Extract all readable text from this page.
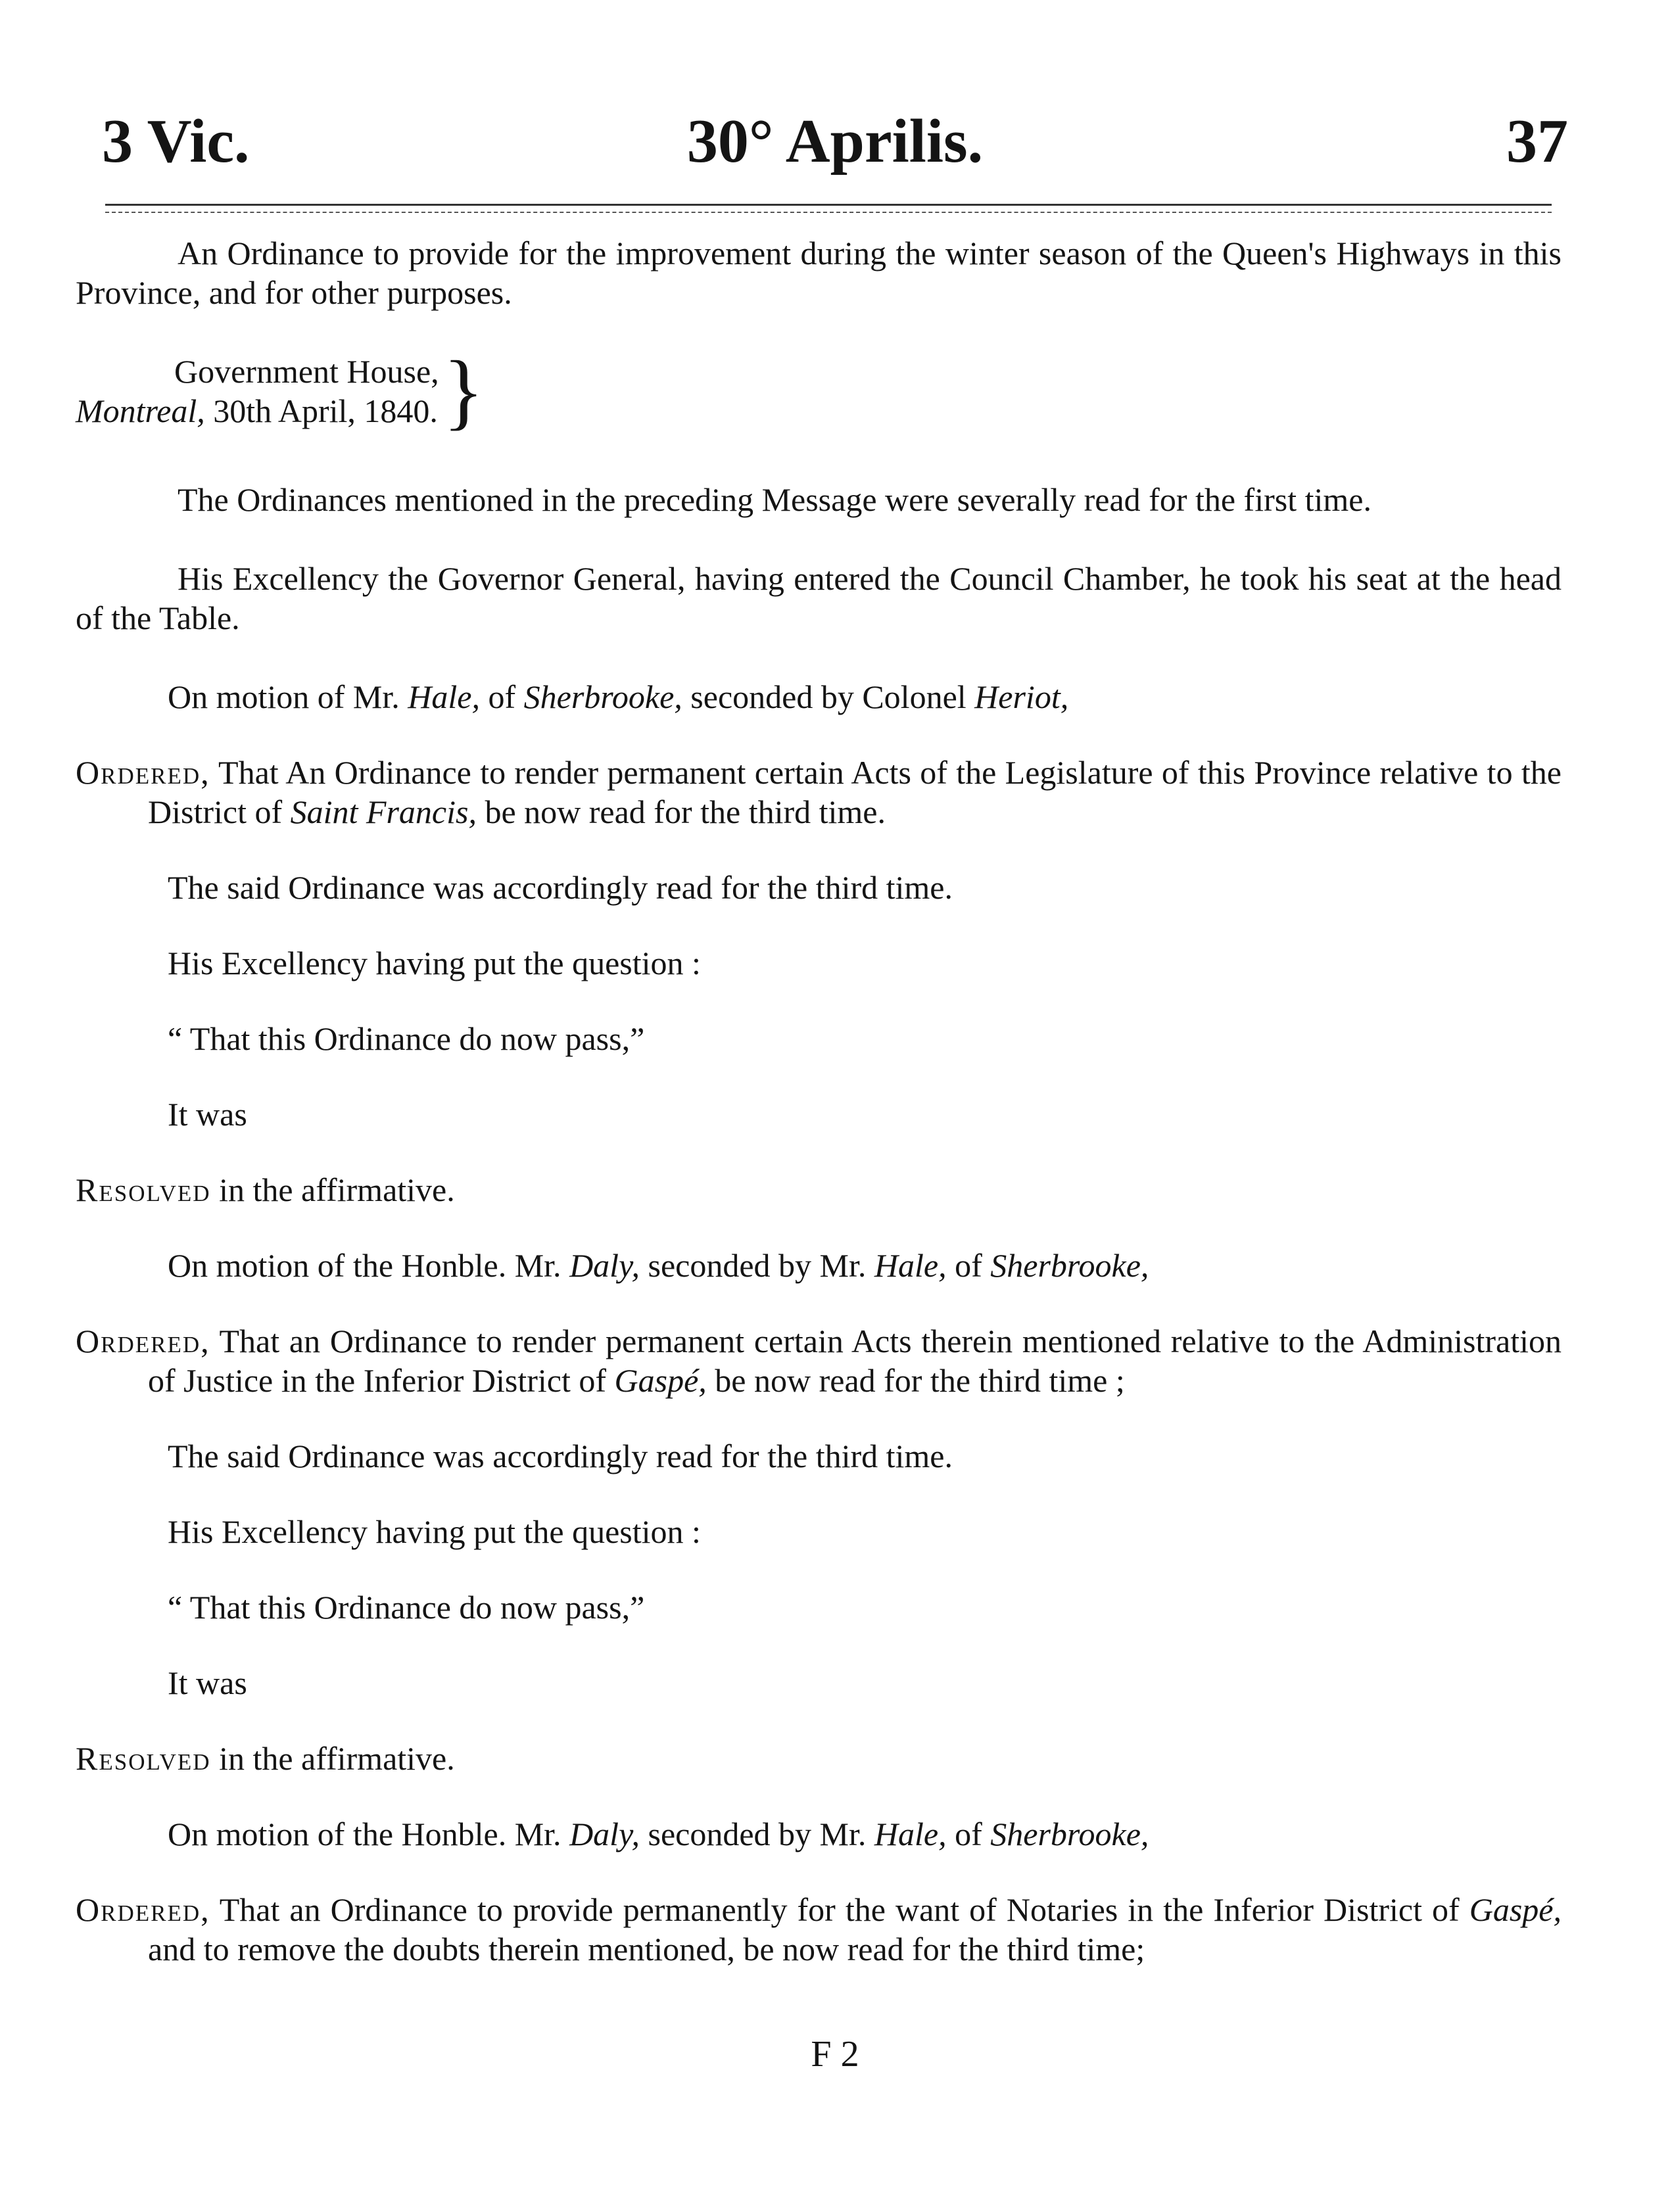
30° Aprilis.
3 Vic.	37

An Ordinance to provide for the improvement during the winter season of the Queen's Highways in this Province, and for other purposes.

Government House,
Montreal, 30th April, 1840. }

The Ordinances mentioned in the preceding Message were severally read for the first time.

His Excellency the Governor General, having entered the Council Chamber, he took his seat at the head of the Table.

On motion of Mr. Hale, of Sherbrooke, seconded by Colonel Heriot,

Ordered, That An Ordinance to render permanent certain Acts of the Legislature of this Province relative to the District of Saint Francis, be now read for the third time.

The said Ordinance was accordingly read for the third time.

His Excellency having put the question :

“ That this Ordinance do now pass,”

It was

Resolved in the affirmative.

On motion of the Honble. Mr. Daly, seconded by Mr. Hale, of Sherbrooke,

Ordered, That an Ordinance to render permanent certain Acts therein mentioned relative to the Administration of Justice in the Inferior District of Gaspé, be now read for the third time ;

The said Ordinance was accordingly read for the third time.

His Excellency having put the question :

“ That this Ordinance do now pass,”

It was

Resolved in the affirmative.

On motion of the Honble. Mr. Daly, seconded by Mr. Hale, of Sherbrooke,

Ordered, That an Ordinance to provide permanently for the want of Notaries in the Inferior District of Gaspé, and to remove the doubts therein mentioned, be now read for the third time;

F 2
